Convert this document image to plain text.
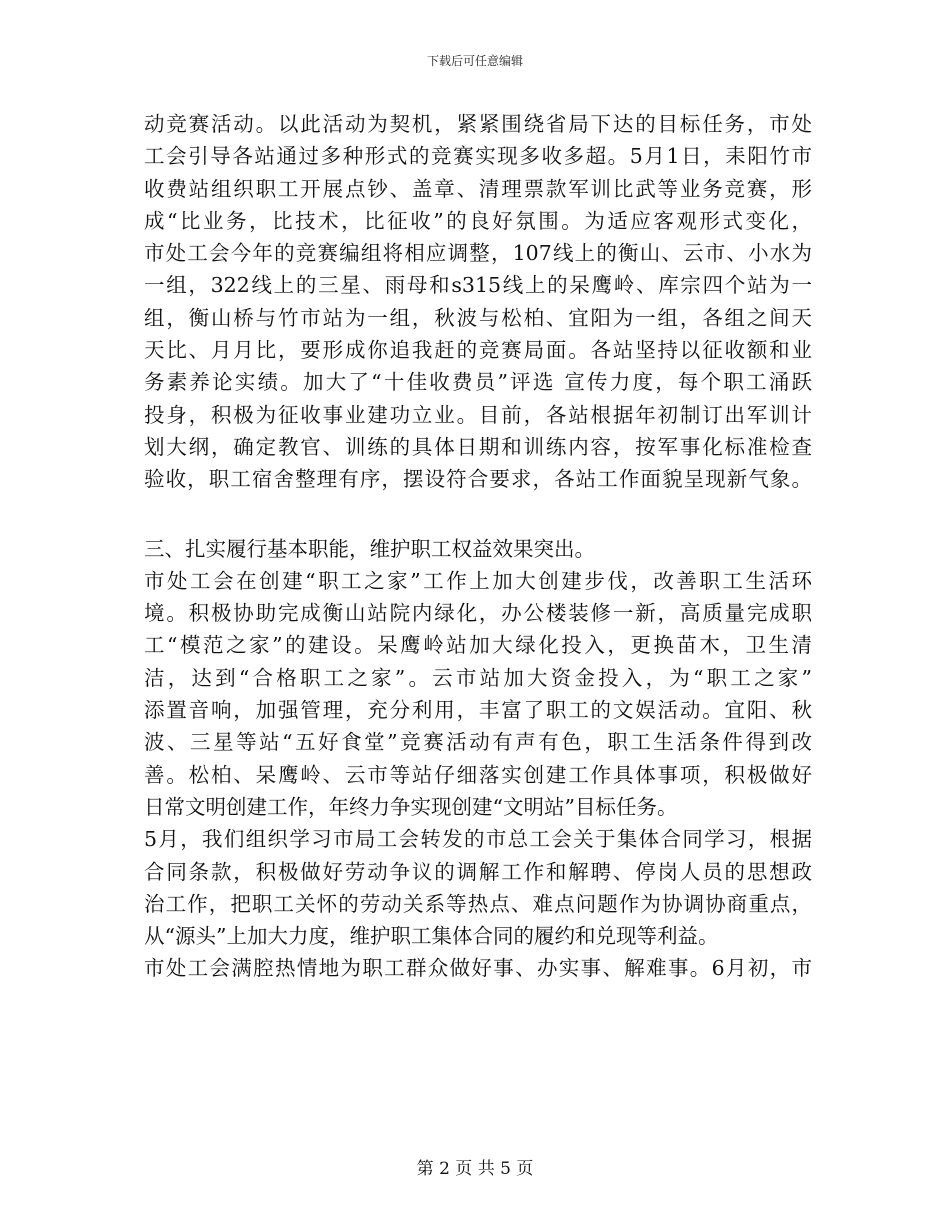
下载后可任意编辑
动竞赛活动。以此活动为契机，紧紧围绕省局下达的目标任务，市处
工会引导各站通过多种形式的竞赛实现多收多超。5月1日，耒阳竹市
收费站组织职工开展点钞、盖章、清理票款军训比武等业务竞赛，形
成“比业务，比技术，比征收”的良好氛围。为适应客观形式变化，
市处工会今年的竞赛编组将相应调整，107线上的衡山、云市、小水为
一组，322线上的三星、雨母和s315线上的呆鹰岭、库宗四个站为一
组，衡山桥与竹市站为一组，秋波与松柏、宜阳为一组，各组之间天
天比、月月比，要形成你追我赶的竞赛局面。各站坚持以征收额和业
务素养论实绩。加大了“十佳收费员”评选 宣传力度，每个职工涌跃
投身，积极为征收事业建功立业。目前，各站根据年初制订出军训计
划大纲，确定教官、训练的具体日期和训练内容，按军事化标准检查
验收，职工宿舍整理有序，摆设符合要求，各站工作面貌呈现新气象。
三、扎实履行基本职能，维护职工权益效果突出。
市处工会在创建“职工之家”工作上加大创建步伐，改善职工生活环
境。积极协助完成衡山站院内绿化，办公楼装修一新，高质量完成职
工“模范之家”的建设。呆鹰岭站加大绿化投入，更换苗木，卫生清
洁，达到“合格职工之家”。云市站加大资金投入，为“职工之家”
添置音响，加强管理，充分利用，丰富了职工的文娱活动。宜阳、秋
波、三星等站“五好食堂”竞赛活动有声有色，职工生活条件得到改
善。松柏、呆鹰岭、云市等站仔细落实创建工作具体事项，积极做好
日常文明创建工作，年终力争实现创建“文明站”目标任务。
5月，我们组织学习市局工会转发的市总工会关于集体合同学习，根据
合同条款，积极做好劳动争议的调解工作和解聘、停岗人员的思想政
治工作，把职工关怀的劳动关系等热点、难点问题作为协调协商重点，
从“源头”上加大力度，维护职工集体合同的履约和兑现等利益。
市处工会满腔热情地为职工群众做好事、办实事、解难事。6月初，市
第 2 页 共 5 页
